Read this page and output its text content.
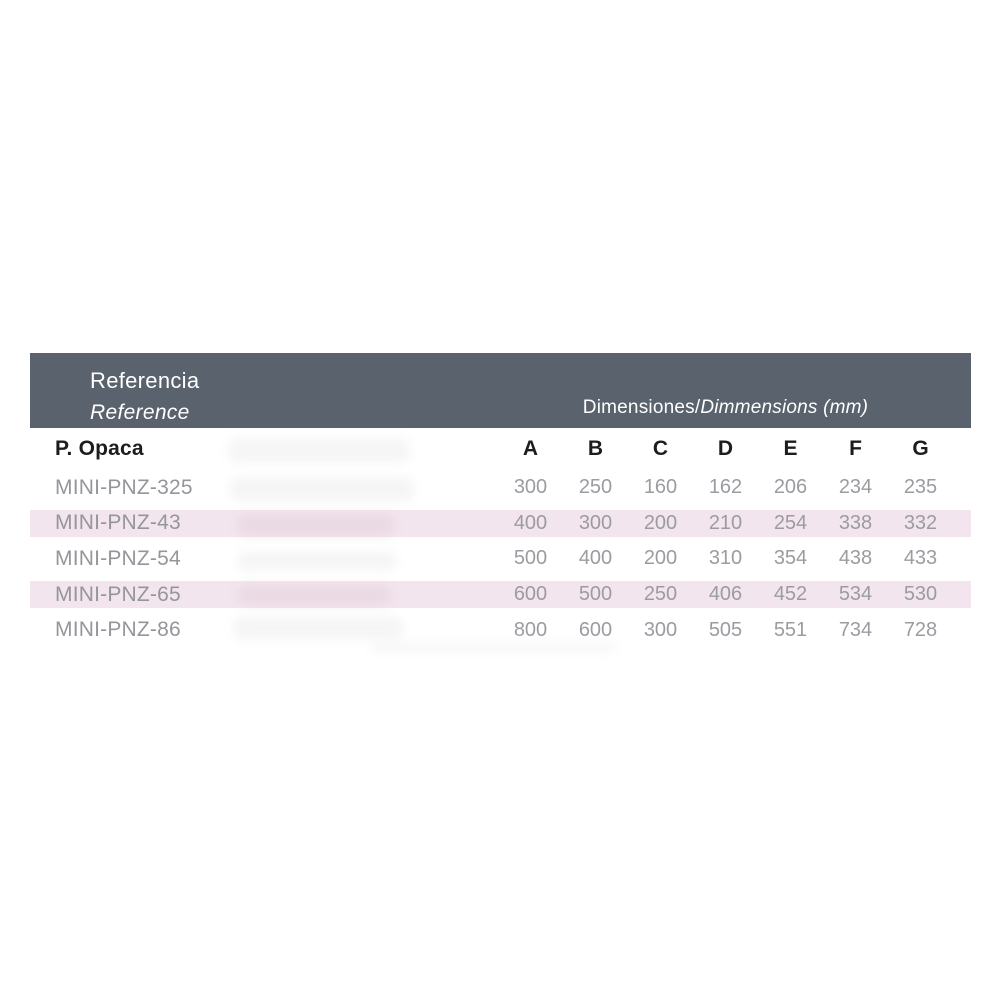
Referencia
Reference	Dimensiones/Dimmensions (mm)
P. Opaca	A	B	C	D	E	F	G
MINI-PNZ-325	300	250	160	162	206	234	235
MINI-PNZ-43	400	300	200	210	254	338	332
MINI-PNZ-54	500	400	200	310	354	438	433
MINI-PNZ-65	600	500	250	406	452	534	530
MINI-PNZ-86	800	600	300	505	551	734	728
